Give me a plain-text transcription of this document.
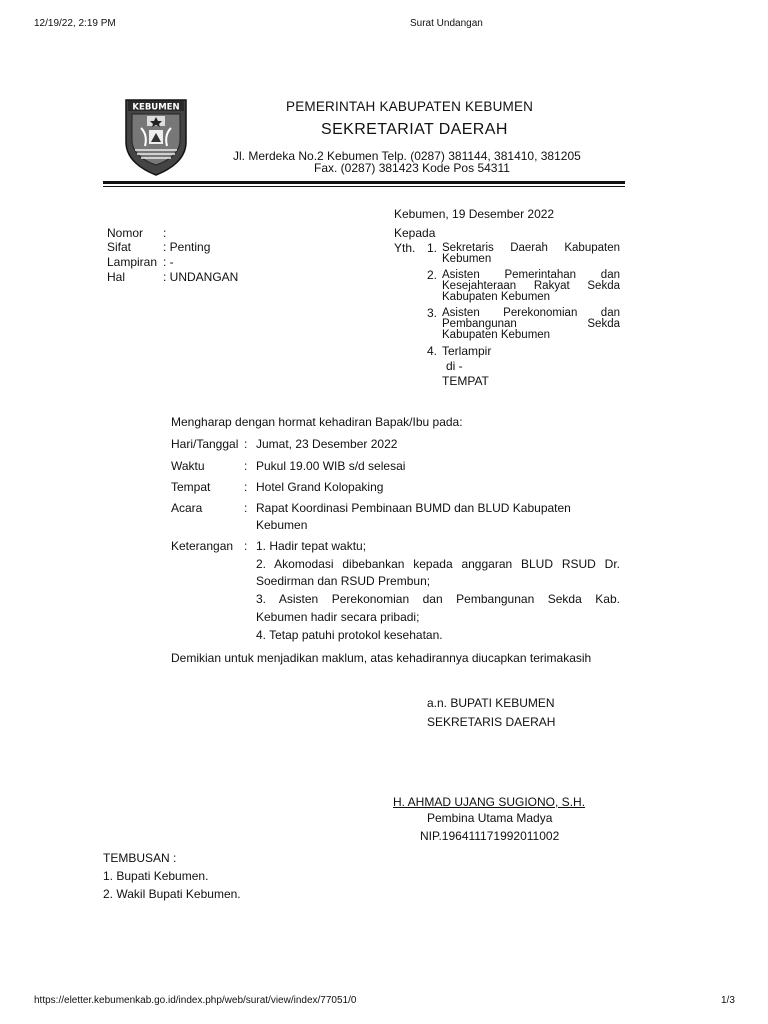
12/19/22, 2:19 PM	Surat Undangan
https://eletter.kebumenkab.go.id/index.php/web/surat/view/index/77051/0	1/3
KEBUMEN	PEMERINTAH KABUPATEN KEBUMEN
SEKRETARIAT DAERAH
Jl. Merdeka No.2 Kebumen Telp. (0287) 381144, 381410, 381205
Fax. (0287) 381423 Kode Pos 54311
Kebumen, 19 Desember 2022
Nomor :
Sifat	: Penting
Lampiran : -
Hal	: UNDANGAN
Kepada
Yth. 1. Sekretaris Daerah Kabupaten
Kebumen
2. Asisten Pemerintahan dan
Kesejahteraan Rakyat Sekda
Kabupaten Kebumen
3. Asisten Perekonomian dan
Pembangunan Sekda
Kabupaten Kebumen
4. Terlampir
di -
TEMPAT
Mengharap dengan hormat kehadiran Bapak/Ibu pada:
Hari/Tanggal : Jumat, 23 Desember 2022
Waktu	: Pukul 19.00 WIB s/d selesai
Tempat	: Hotel Grand Kolopaking
Acara	: Rapat Koordinasi Pembinaan BUMD dan BLUD Kabupaten
Kebumen
Keterangan : 1. Hadir tepat waktu;
2. Akomodasi dibebankan kepada anggaran BLUD RSUD Dr.
Soedirman dan RSUD Prembun;
3. Asisten Perekonomian dan Pembangunan Sekda Kab.
Kebumen hadir secara pribadi;
4. Tetap patuhi protokol kesehatan.
Demikian untuk menjadikan maklum, atas kehadirannya diucapkan terimakasih
a.n. BUPATI KEBUMEN
SEKRETARIS DAERAH
H. AHMAD UJANG SUGIONO, S.H.
Pembina Utama Madya
NIP.196411171992011002
TEMBUSAN :
1. Bupati Kebumen.
2. Wakil Bupati Kebumen.
